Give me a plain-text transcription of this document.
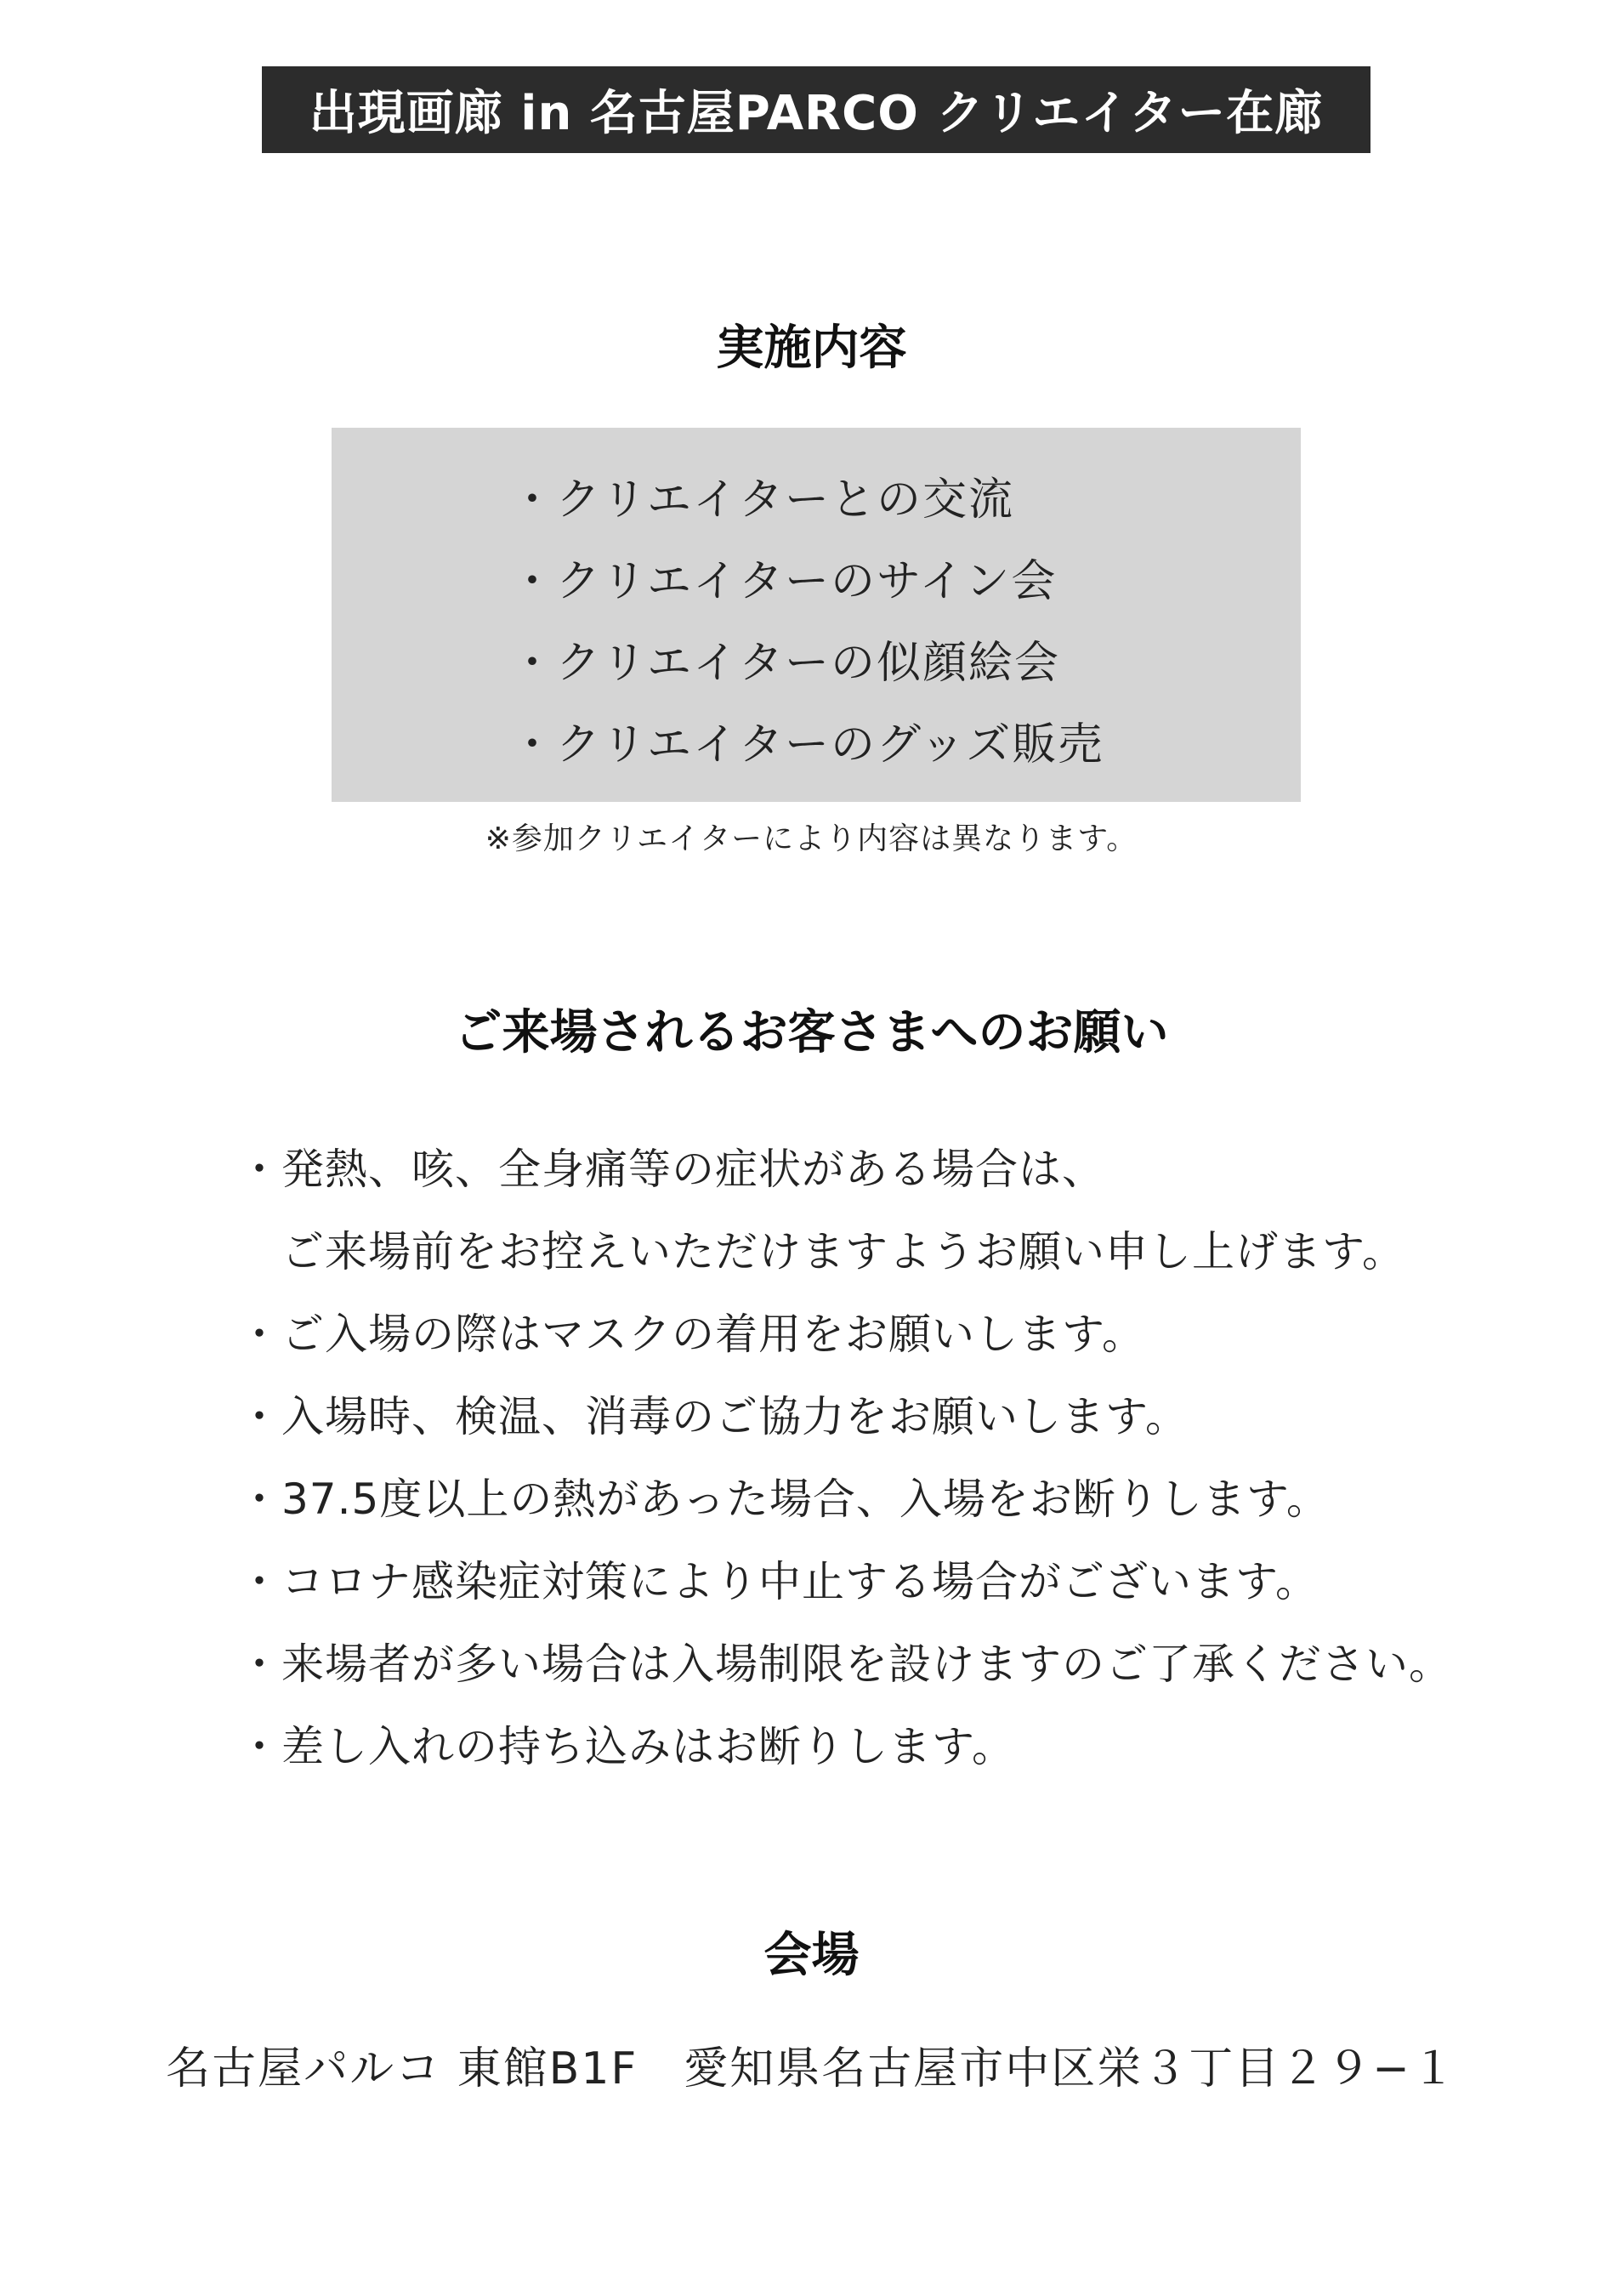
出現画廊 in 名古屋PARCO クリエイター在廊
実施内容
・クリエイターとの交流
・クリエイターのサイン会
・クリエイターの似顔絵会
・クリエイターのグッズ販売
※参加クリエイターにより内容は異なります。
ご来場されるお客さまへのお願い
・発熱、咳、全身痛等の症状がある場合は、
　ご来場前をお控えいただけますようお願い申し上げます。
・ご入場の際はマスクの着用をお願いします。
・入場時、検温、消毒のご協力をお願いします。
・37.5度以上の熱があった場合、入場をお断りします。
・コロナ感染症対策により中止する場合がございます。
・来場者が多い場合は入場制限を設けますのご了承ください。
・差し入れの持ち込みはお断りします。
会場
名古屋パルコ 東館B1F　愛知県名古屋市中区栄３丁目２９−１
